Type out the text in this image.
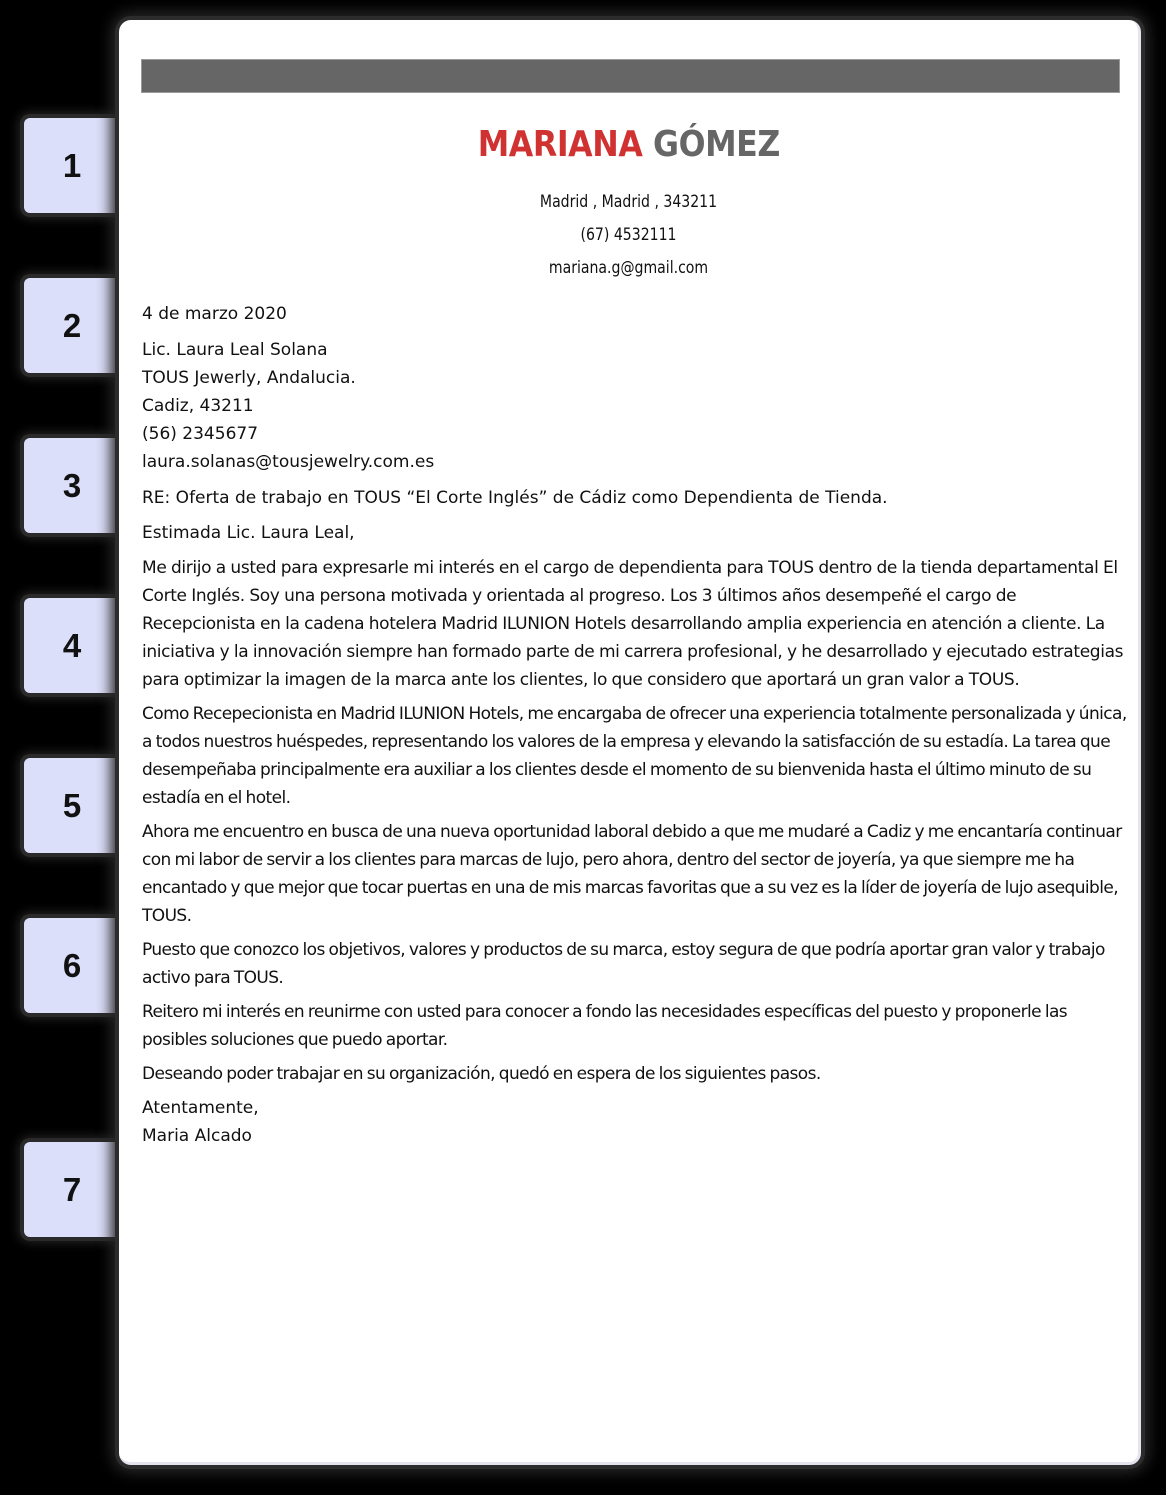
1
2
3
4
5
6
7
MARIANA GÓMEZ
Madrid , Madrid , 343211
(67) 4532111
mariana.g@gmail.com
4 de marzo 2020
Lic. Laura Leal Solana
TOUS Jewerly, Andalucia.
Cadiz, 43211
(56) 2345677
laura.solanas@tousjewelry.com.es
RE: Oferta de trabajo en TOUS “El Corte Inglés” de Cádiz como Dependienta de Tienda.
Estimada Lic. Laura Leal,

Me dirijo a usted para expresarle mi interés en el cargo de dependienta para TOUS dentro de la tienda departamental El Corte Inglés. Soy una persona motivada y orientada al progreso. Los 3 últimos años desempeñé el cargo de Recepcionista en la cadena hotelera Madrid ILUNION Hotels desarrollando amplia experiencia en atención a cliente. La iniciativa y la innovación siempre han formado parte de mi carrera profesional, y he desarrollado y ejecutado estrategias para optimizar la imagen de la marca ante los clientes, lo que considero que aportará un gran valor a TOUS.

Como Recepecionista en Madrid ILUNION Hotels, me encargaba de ofrecer una experiencia totalmente personalizada y única, a todos nuestros huéspedes, representando los valores de la empresa y elevando la satisfacción de su estadía. La tarea que desempeñaba principalmente era auxiliar a los clientes desde el momento de su bienvenida hasta el último minuto de su estadía en el hotel.

Ahora me encuentro en busca de una nueva oportunidad laboral debido a que me mudaré a Cadiz y me encantaría continuar con mi labor de servir a los clientes para marcas de lujo, pero ahora, dentro del sector de joyería, ya que siempre me ha encantado y que mejor que tocar puertas en una de mis marcas favoritas que a su vez es la líder de joyería de lujo asequible, TOUS.

Puesto que conozco los objetivos, valores y productos de su marca, estoy segura de que podría aportar gran valor y trabajo activo para TOUS.

Reitero mi interés en reunirme con usted para conocer a fondo las necesidades específicas del puesto y proponerle las posibles soluciones que puedo aportar.

Deseando poder trabajar en su organización, quedó en espera de los siguientes pasos.

Atentamente,
Maria Alcado
